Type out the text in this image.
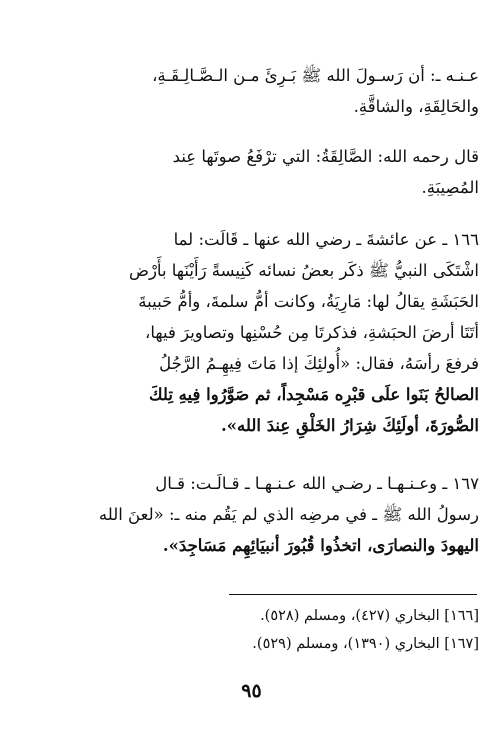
عـنـه ـ: أن رَسـولَ الله ﷺ بَـرِئَ مـن الـصَّـالِـقَـةِ،
والحَالِقَةِ، والشاقَّةِ.
قال رحمه الله: الصَّالِقَةُ: التي ترْفَعُ صوتَها عِند
المُصِيبَةِ.
١٦٦ ـ عن عائشةَ ـ رضي الله عنها ـ قَالَت: لما
اشْتَكَى النبيُّ ﷺ ذكَر بعضُ نسائه كَنِيسةً رَأَيْنَها بأَرْض
الحَبَشَةِ يقالُ لها: مَارِيَةُ، وكانت أمُّ سلمةَ، وأمُّ حَبيبةَ
أتَتَا أرضَ الحبَشةِ، فذكرتَا مِن حُسْنِها وتصاويرَ فيها،
فرفعَ رأسَهُ، فقال: «أُولئِكَ إذا مَاتَ فِيهِـمُ الرَّجُلُ
الصالحُ بَنَوا علَى قبْرِه مَسْجِداً، ثم صَوَّرُوا فِيهِ تِلكَ
الصُّورَةَ، أولَئِكَ شِرَارُ الخَلْقِ عِندَ الله».
١٦٧ ـ وعـنـهـا ـ رضـي الله عـنـهـا ـ قـالَـت: قـال
رسولُ الله ﷺ ـ في مرضِه الذي لم يَقُم منه ـ: «لعنَ الله
اليهودَ والنصارَى، اتخذُوا قُبُورَ أنبيَائِهِم مَسَاجِدَ».
[١٦٦] البخاري (٤٢٧)، ومسلم (٥٢٨).
[١٦٧] البخاري (١٣٩٠)، ومسلم (٥٢٩).
٩٥
